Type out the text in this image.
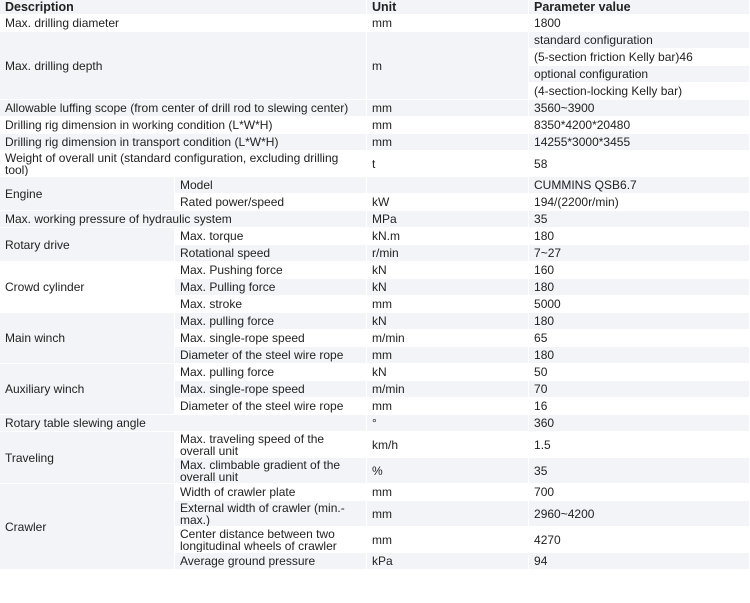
Description		Unit	Parameter value
Max. drilling diameter		mm	1800
Max. drilling depth		m	standard configuration
			(5-section friction Kelly bar)46
			optional configuration
			(4-section-locking Kelly bar)
Allowable luffing scope (from center of drill rod to slewing center)		mm	3560~3900
Drilling rig dimension in working condition (L*W*H)		mm	8350*4200*20480
Drilling rig dimension in transport condition (L*W*H)		mm	14255*3000*3455
Weight of overall unit (standard configuration, excluding drilling tool)		t	58
Engine	Model		CUMMINS QSB6.7
	Rated power/speed	kW	194/(2200r/min)
Max. working pressure of hydraulic system		MPa	35
Rotary drive	Max. torque	kN.m	180
	Rotational speed	r/min	7~27
Crowd cylinder	Max. Pushing force	kN	160
	Max. Pulling force	kN	180
	Max. stroke	mm	5000
Main winch	Max. pulling force	kN	180
	Max. single-rope speed	m/min	65
	Diameter of the steel wire rope	mm	180
Auxiliary winch	Max. pulling force	kN	50
	Max. single-rope speed	m/min	70
	Diameter of the steel wire rope	mm	16
Rotary table slewing angle		°	360
Traveling	Max. traveling speed of the overall unit	km/h	1.5
	Max. climbable gradient of the overall unit	%	35
Crawler	Width of crawler plate	mm	700
	External width of crawler (min.-max.)	mm	2960~4200
	Center distance between two longitudinal wheels of crawler	mm	4270
	Average ground pressure	kPa	94
